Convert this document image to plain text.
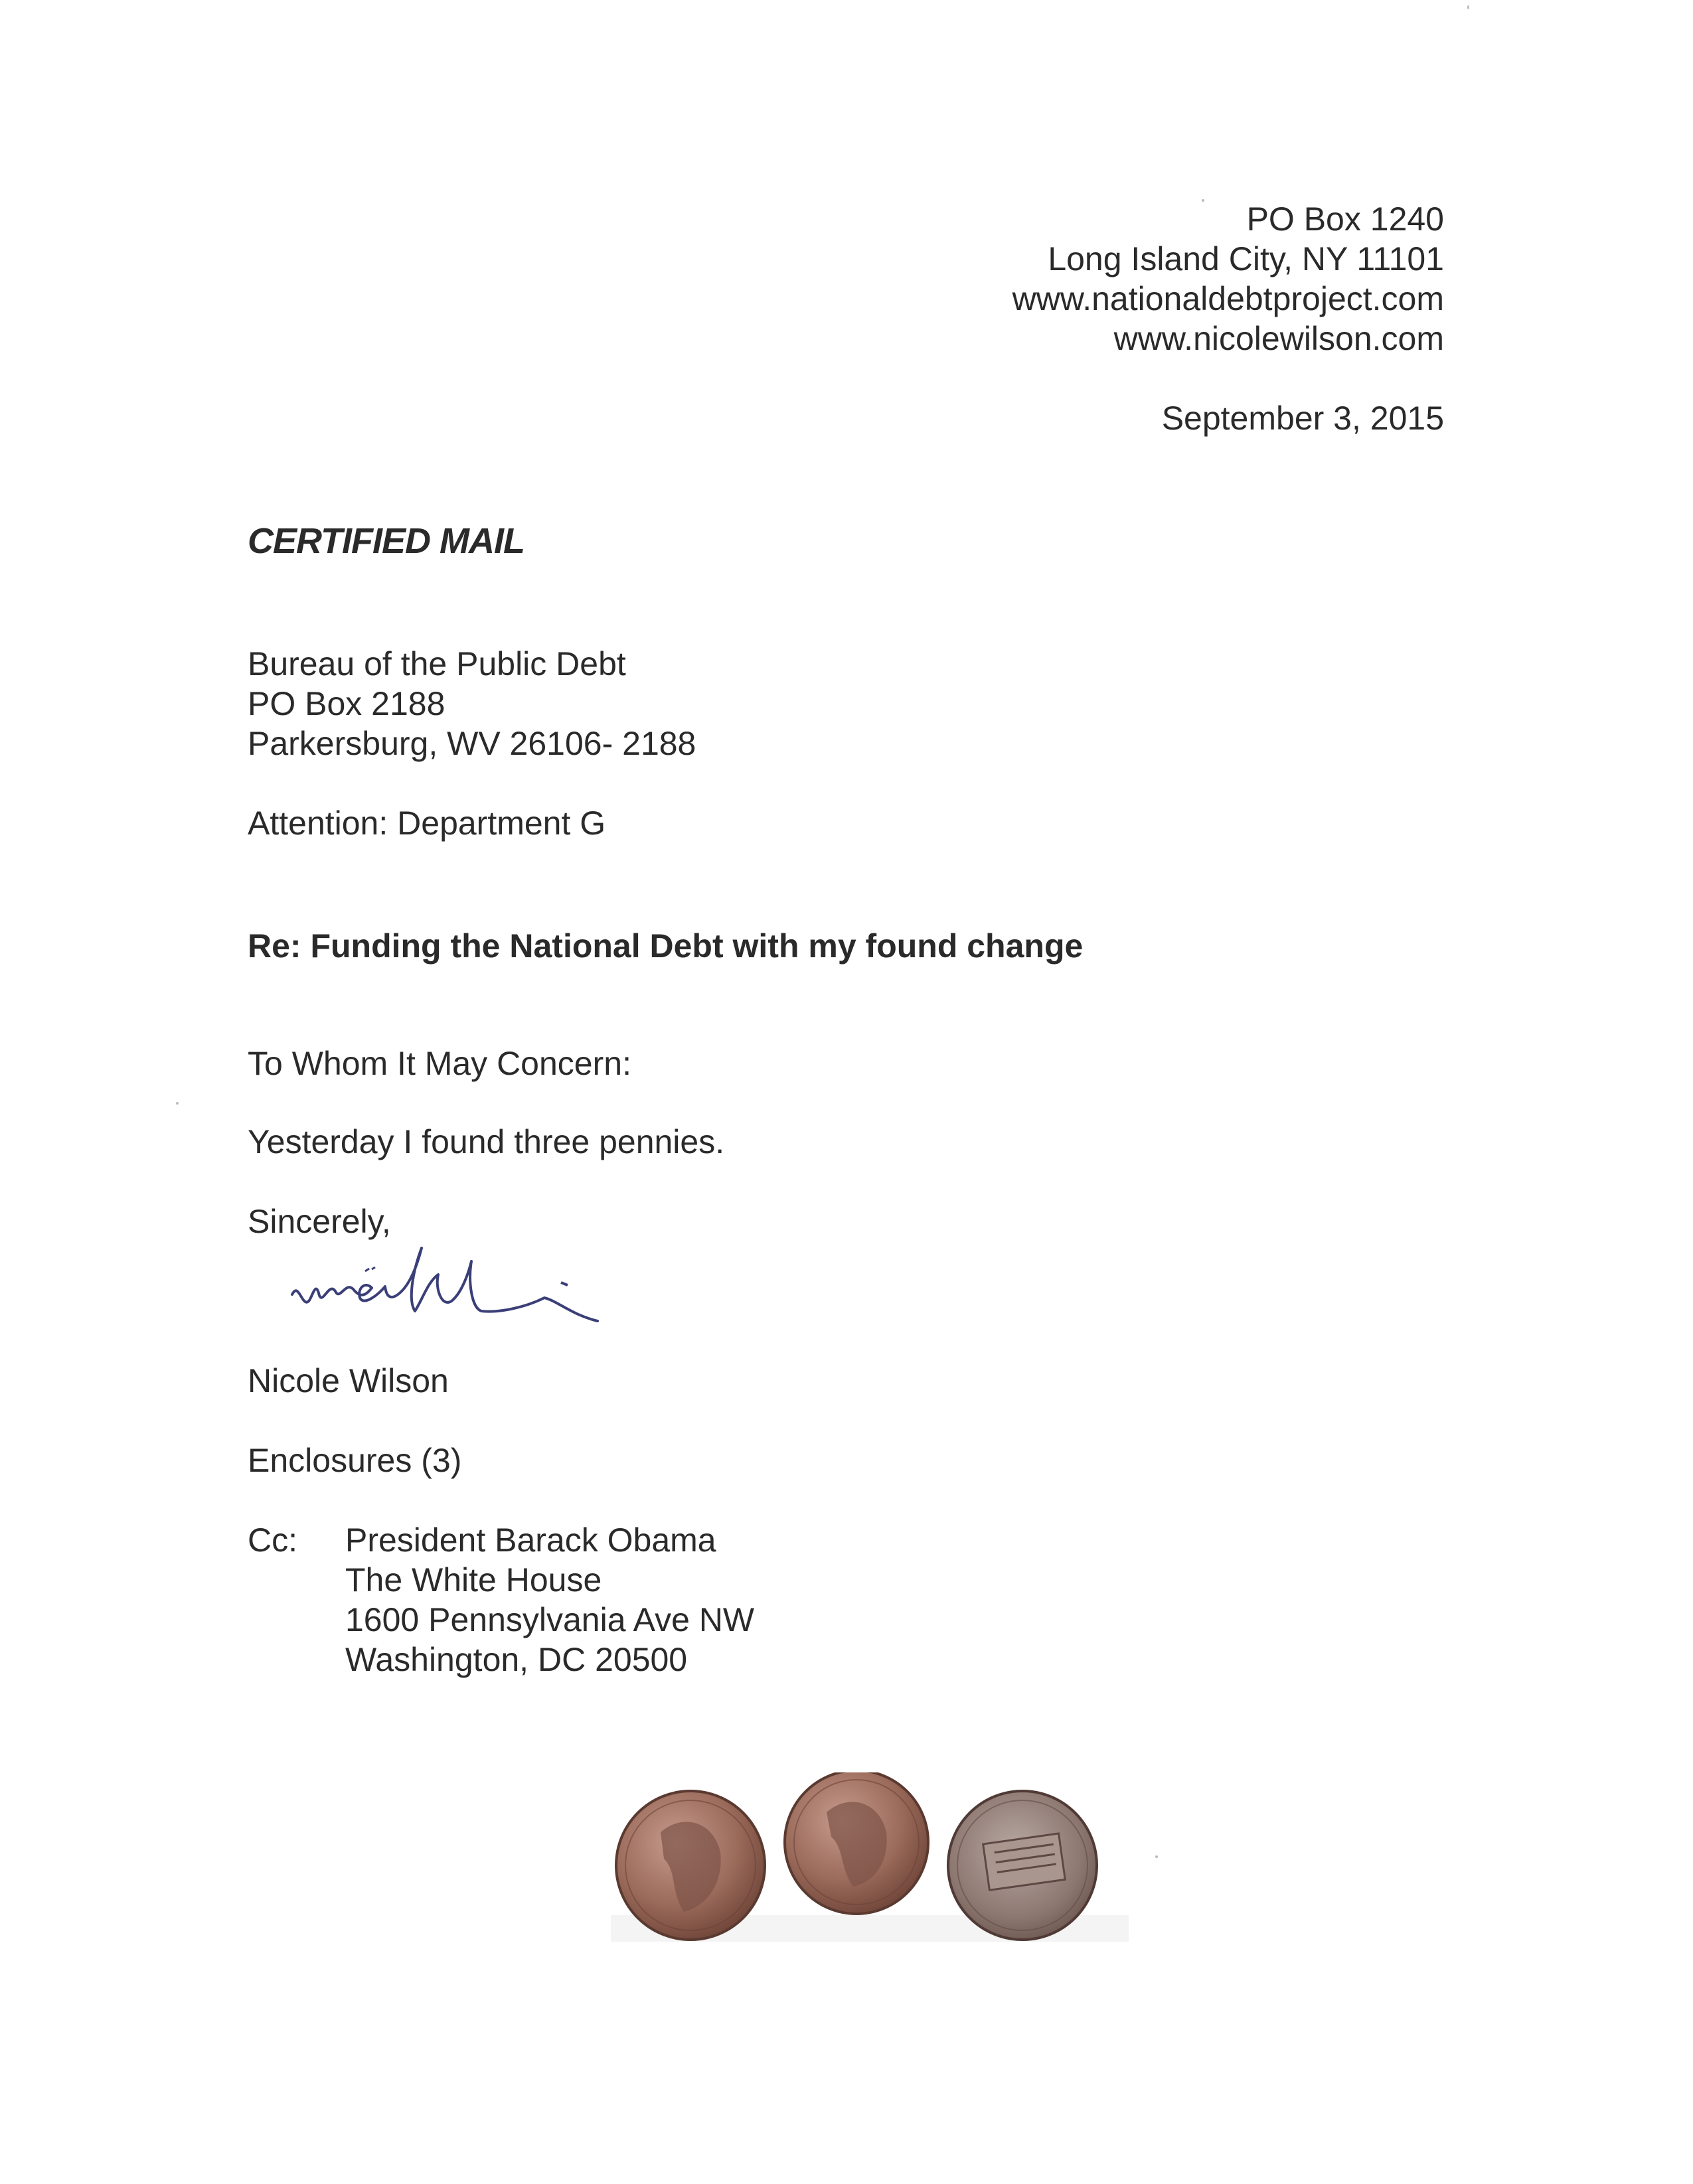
PO Box 1240
Long Island City, NY 11101
www.nationaldebtproject.com
www.nicolewilson.com

September 3, 2015

CERTIFIED MAIL

Bureau of the Public Debt
PO Box 2188
Parkersburg, WV 26106- 2188

Attention: Department G

Re: Funding the National Debt with my found change

To Whom It May Concern:

Yesterday I found three pennies.

Sincerely,

Nicole Wilson

Enclosures (3)

Cc: President Barack Obama
The White House
1600 Pennsylvania Ave NW
Washington, DC 20500
